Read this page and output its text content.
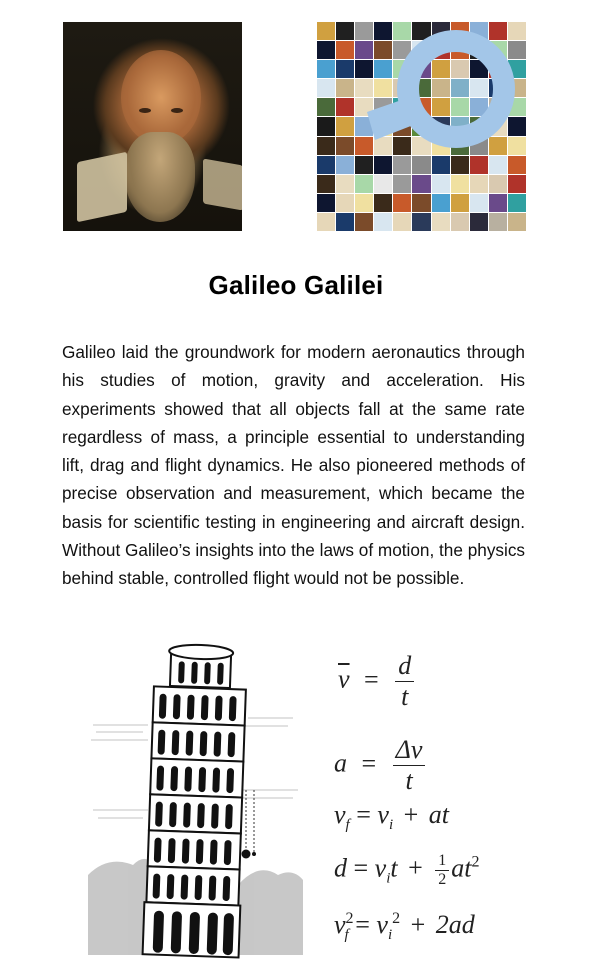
Galileo Galilei
Galileo laid the groundwork for modern aeronautics through his studies of motion, gravity and acceleration. His experiments showed that all objects fall at the same rate regardless of mass, a principle essential to understanding lift, drag and flight dynamics. He also pioneered methods of precise observation and measurement, which became the basis for scientific testing in engineering and aircraft design. Without Galileo’s insights into the laws of motion, the physics behind stable, controlled flight would not be possible.
$\overline{v} = \frac{d}{t}$
$a = \frac{\Delta v}{t}$
$v_f = v_i$ + at
$d = v_it + \frac{1}{2} at^2$
$v^2_f = v_i^2 + 2ad$
